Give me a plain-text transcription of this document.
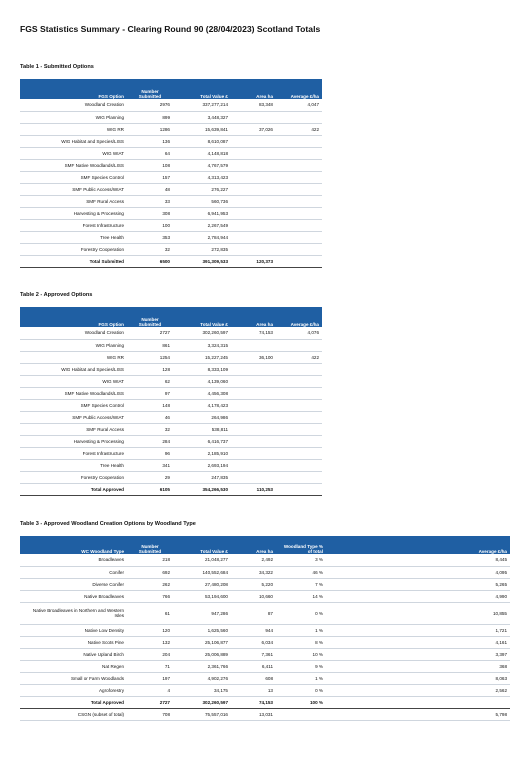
FGS Statistics Summary - Clearing Round 90 (28/04/2023) Scotland Totals
Table 1 - Submitted Options
FGS Option	Number Submitted	Total Value £	Area ha	Average £/ha
Woodland Creation	2976	337,277,214	83,348	4,047
WIG Planning	899	3,448,327		
WIG RR	1286	15,639,841	37,026	422
WIG Habitat and Species/LISS	136	8,610,087		
WIG WIAT	64	4,148,818		
SMF Native Woodlands/LISS	108	4,767,579		
SMF Species Control	157	4,313,423		
SMF Public Access/WIAT	48	276,227		
SMF Rural Access	33	560,736		
Harvesting & Processing	308	6,941,953		
Forest Infrastructure	100	2,267,549		
Tree Health	353	2,784,944		
Forestry Cooperation	32	272,835		
Total Submitted	6500	391,309,533	120,373	
Table 2 - Approved Options
FGS Option	Number Submitted	Total Value £	Area ha	Average £/ha
Woodland Creation	2727	302,260,597	74,153	4,076
WIG Planning	861	3,324,315		
WIG RR	1254	15,227,245	36,100	422
WIG Habitat and Species/LISS	128	8,333,109		
WIG WIAT	62	4,139,060		
SMF Native Woodlands/LISS	97	4,456,308		
SMF Species Control	148	4,178,423		
SMF Public Access/WIAT	46	264,986		
SMF Rural Access	32	538,811		
Harvesting & Processing	284	6,416,737		
Forest Infrastructure	96	2,185,910		
Tree Health	341	2,693,194		
Forestry Cooperation	29	247,835		
Total Approved	6105	354,266,530	110,253	
Table 3 - Approved Woodland Creation Options by Woodland Type
WC Woodland Type	Number Submitted	Total Value £	Area ha	Woodland Type % of total	Average £/ha
Broadleaves	218	21,048,277	2,492	3 %	8,445
Conifer	692	140,552,684	34,322	46 %	4,095
Diverse Conifer	262	27,480,208	5,220	7 %	5,265
Native Broadleaves	766	53,194,600	10,660	14 %	4,990
Native Broadleaves in Northern and Western Isles	61	947,286	87	0 %	10,855
Native Low Density	120	1,625,560	944	1 %	1,721
Native Scots Pine	132	25,106,877	6,034	8 %	4,161
Native Upland Birch	204	25,006,889	7,361	10 %	3,397
Nat Regen	71	2,361,766	6,411	9 %	368
Small or Farm Woodlands	197	4,902,276	608	1 %	8,063
Agroforestry	4	34,175	13	0 %	2,562
Total Approved	2727	302,260,597	74,153	100 %	
CSGN (subset of total)	708	75,557,016	13,031		5,798
